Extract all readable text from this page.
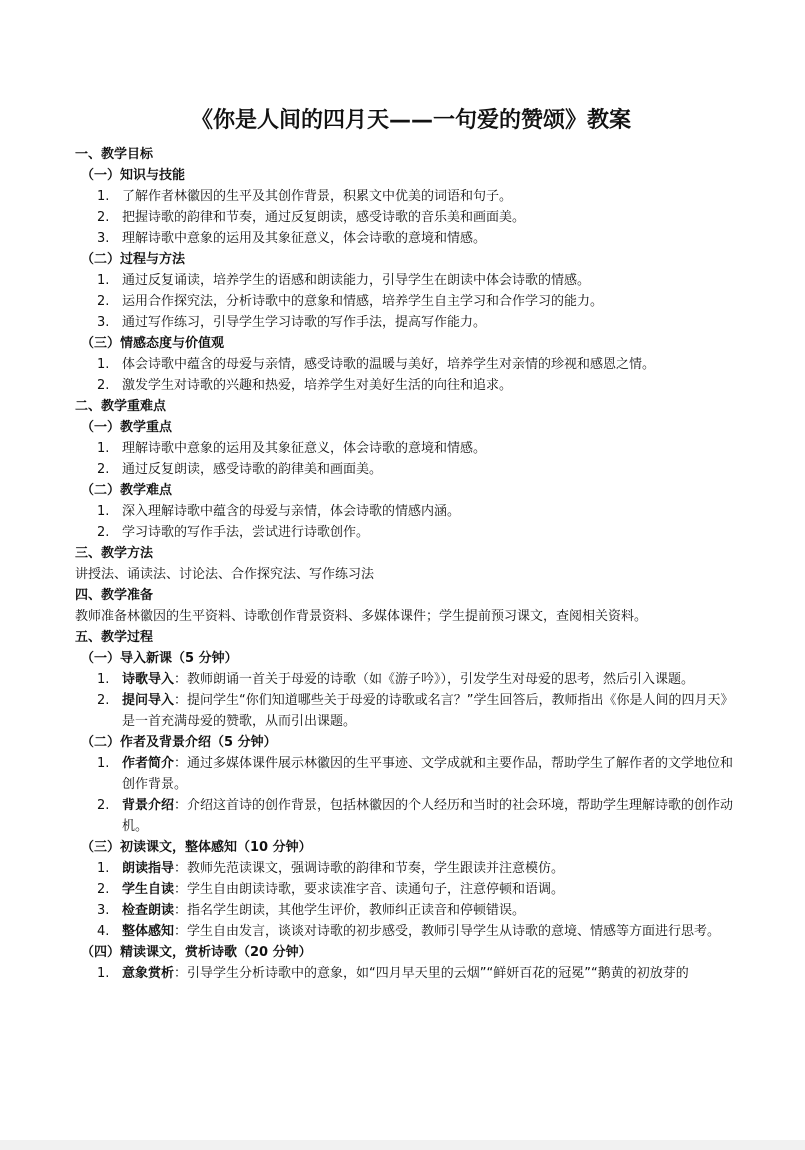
《你是人间的四月天——一句爱的赞颂》教案
一、教学目标
（一）知识与技能
1. 了解作者林徽因的生平及其创作背景，积累文中优美的词语和句子。
2. 把握诗歌的韵律和节奏，通过反复朗读，感受诗歌的音乐美和画面美。
3. 理解诗歌中意象的运用及其象征意义，体会诗歌的意境和情感。
（二）过程与方法
1. 通过反复诵读，培养学生的语感和朗读能力，引导学生在朗读中体会诗歌的情感。
2. 运用合作探究法，分析诗歌中的意象和情感，培养学生自主学习和合作学习的能力。
3. 通过写作练习，引导学生学习诗歌的写作手法，提高写作能力。
（三）情感态度与价值观
1. 体会诗歌中蕴含的母爱与亲情，感受诗歌的温暖与美好，培养学生对亲情的珍视和感恩之情。
2. 激发学生对诗歌的兴趣和热爱，培养学生对美好生活的向往和追求。
二、教学重难点
（一）教学重点
1. 理解诗歌中意象的运用及其象征意义，体会诗歌的意境和情感。
2. 通过反复朗读，感受诗歌的韵律美和画面美。
（二）教学难点
1. 深入理解诗歌中蕴含的母爱与亲情，体会诗歌的情感内涵。
2. 学习诗歌的写作手法，尝试进行诗歌创作。
三、教学方法
讲授法、诵读法、讨论法、合作探究法、写作练习法
四、教学准备
教师准备林徽因的生平资料、诗歌创作背景资料、多媒体课件；学生提前预习课文，查阅相关资料。
五、教学过程
（一）导入新课（5 分钟）
1. 诗歌导入：教师朗诵一首关于母爱的诗歌（如《游子吟》），引发学生对母爱的思考，然后引入课题。
2. 提问导入：提问学生“你们知道哪些关于母爱的诗歌或名言？”学生回答后，教师指出《你是人间的四月天》是一首充满母爱的赞歌，从而引出课题。
（二）作者及背景介绍（5 分钟）
1. 作者简介：通过多媒体课件展示林徽因的生平事迹、文学成就和主要作品，帮助学生了解作者的文学地位和创作背景。
2. 背景介绍：介绍这首诗的创作背景，包括林徽因的个人经历和当时的社会环境，帮助学生理解诗歌的创作动机。
（三）初读课文，整体感知（10 分钟）
1. 朗读指导：教师先范读课文，强调诗歌的韵律和节奏，学生跟读并注意模仿。
2. 学生自读：学生自由朗读诗歌，要求读准字音、读通句子，注意停顿和语调。
3. 检查朗读：指名学生朗读，其他学生评价，教师纠正读音和停顿错误。
4. 整体感知：学生自由发言，谈谈对诗歌的初步感受，教师引导学生从诗歌的意境、情感等方面进行思考。
（四）精读课文，赏析诗歌（20 分钟）
1. 意象赏析：引导学生分析诗歌中的意象，如“四月早天里的云烟”“鲜妍百花的冠冕”“鹅黄的初放芽的
